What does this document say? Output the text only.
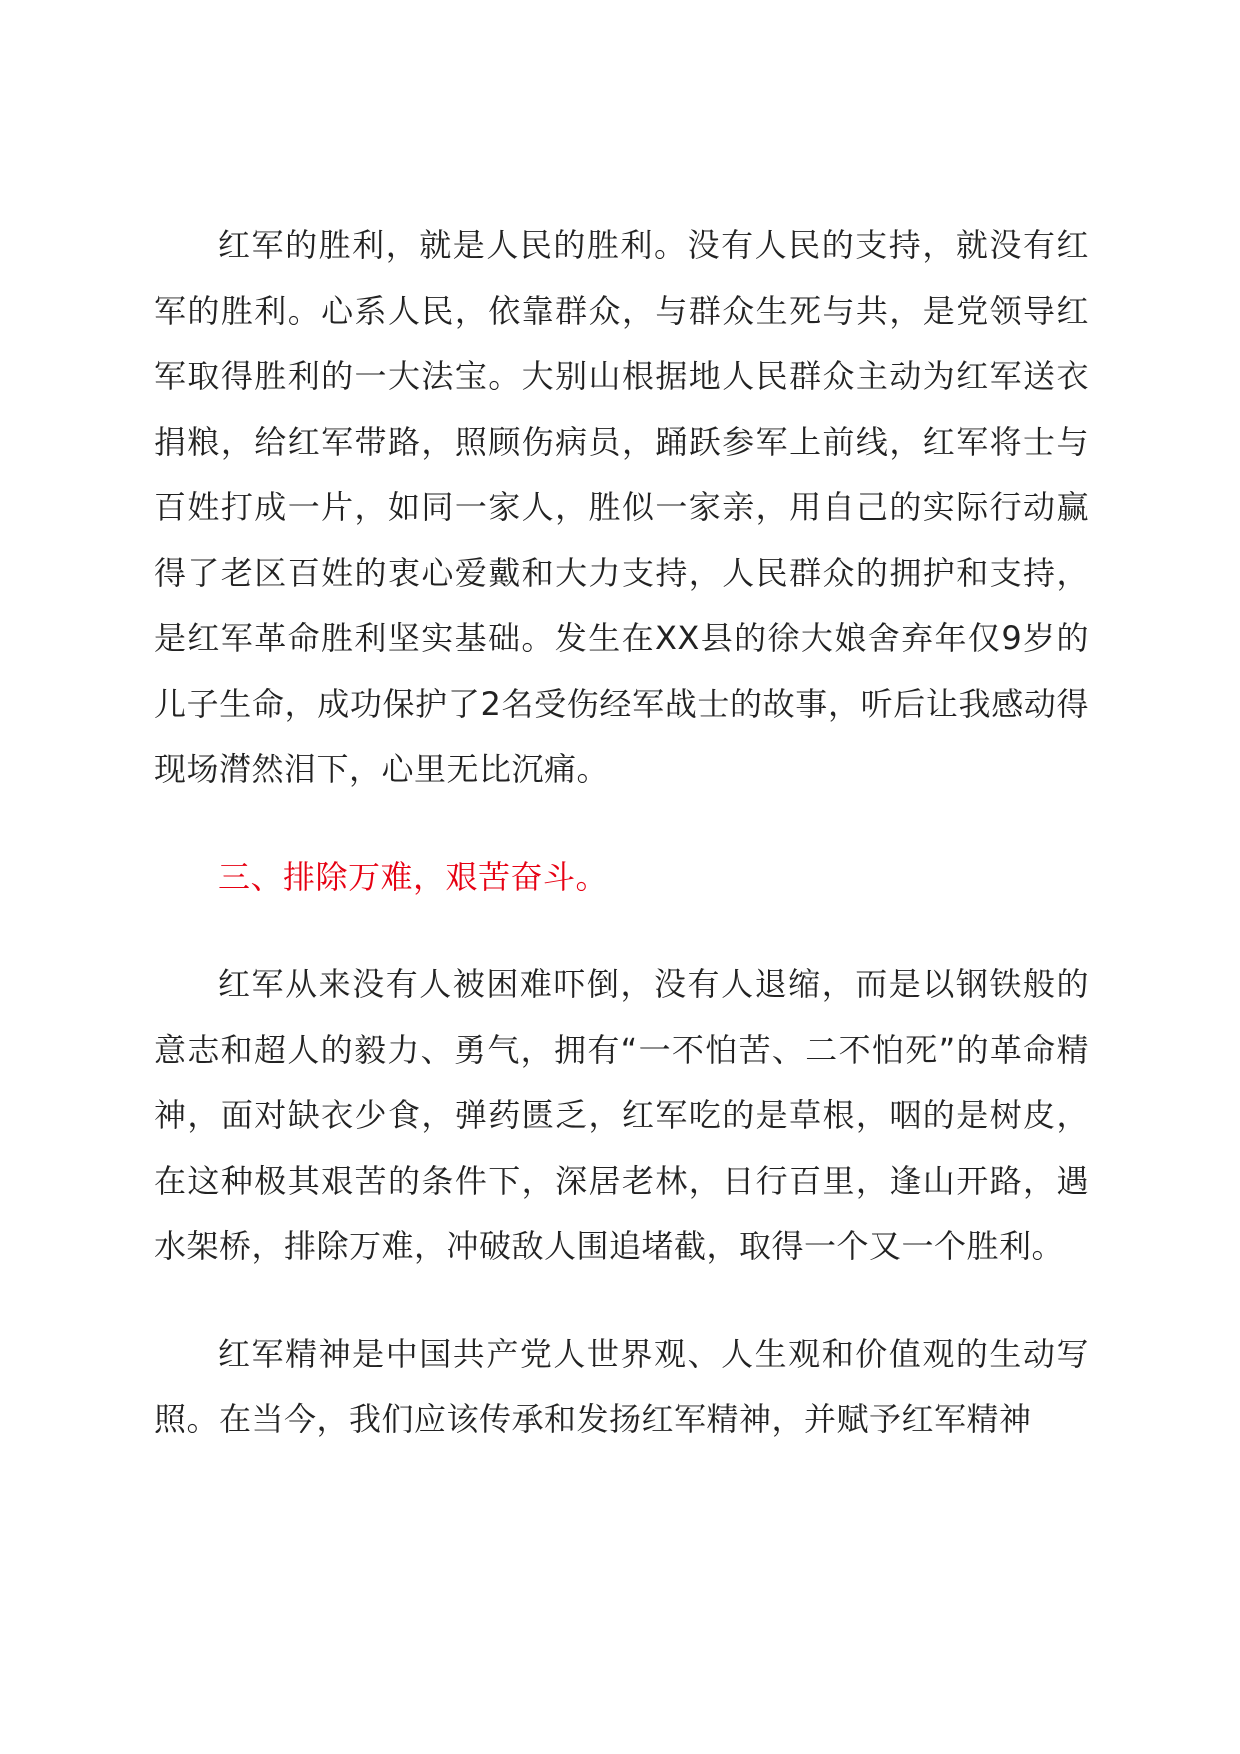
红军的胜利，就是人民的胜利。没有人民的支持，就没有红军的胜利。心系人民，依靠群众，与群众生死与共，是党领导红军取得胜利的一大法宝。大别山根据地人民群众主动为红军送衣捐粮，给红军带路，照顾伤病员，踊跃参军上前线，红军将士与百姓打成一片，如同一家人，胜似一家亲，用自己的实际行动赢得了老区百姓的衷心爱戴和大力支持，人民群众的拥护和支持，是红军革命胜利坚实基础。发生在XX县的徐大娘舍弃年仅9岁的儿子生命，成功保护了2名受伤经军战士的故事，听后让我感动得现场潸然泪下，心里无比沉痛。

三、排除万难，艰苦奋斗。

红军从来没有人被困难吓倒，没有人退缩，而是以钢铁般的意志和超人的毅力、勇气，拥有“一不怕苦、二不怕死”的革命精神，面对缺衣少食，弹药匮乏，红军吃的是草根，咽的是树皮，在这种极其艰苦的条件下，深居老林，日行百里，逢山开路，遇水架桥，排除万难，冲破敌人围追堵截，取得一个又一个胜利。

红军精神是中国共产党人世界观、人生观和价值观的生动写照。在当今，我们应该传承和发扬红军精神，并赋予红军精神
